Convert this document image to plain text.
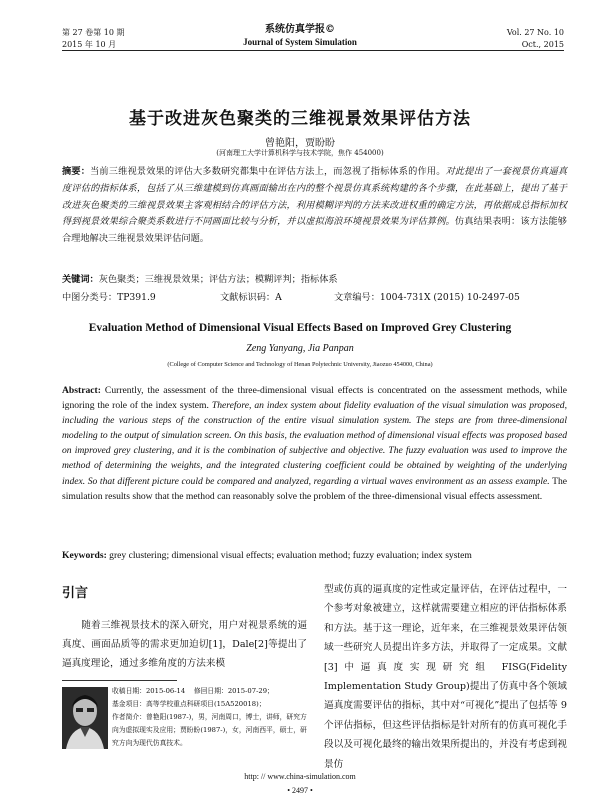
第 27 卷第 10 期
2015 年 10 月
系统仿真学报©
Journal of System Simulation
Vol. 27 No. 10
Oct., 2015
基于改进灰色聚类的三维视景效果评估方法
曾艳阳，贾盼盼
(河南理工大学计算机科学与技术学院，焦作 454000)
摘要：当前三维视景效果的评估大多数研究都集中在评估方法上，而忽视了指标体系的作用。对此提出了一套视景仿真逼真度评估的指标体系，包括了从三维建模到仿真画面输出在内的整个视景仿真系统构建的各个步骤，在此基础上，提出了基于改进灰色聚类的三维视景效果主客观相结合的评估方法，利用模糊评判的方法来改进权重的确定方法，再依据成总指标加权得到视景效果综合聚类系数进行不同画面比较与分析，并以虚拟海浪环境视景效果为评估算例。仿真结果表明：该方法能够合理地解决三维视景效果评估问题。
关键词：灰色聚类；三维视景效果；评估方法；模糊评判；指标体系
中图分类号：TP391.9	文献标识码：A	文章编号：1004-731X (2015) 10-2497-05
Evaluation Method of Dimensional Visual Effects Based on Improved Grey Clustering
Zeng Yanyang, Jia Panpan
(College of Computer Science and Technology of Henan Polytechnic University, Jiaozuo 454000, China)
Abstract: Currently, the assessment of the three-dimensional visual effects is concentrated on the assessment methods, while ignoring the role of the index system. Therefore, an index system about fidelity evaluation of the visual simulation was proposed, including the various steps of the construction of the entire visual simulation system. The steps are from three-dimensional modeling to the output of simulation screen. On this basis, the evaluation method of dimensional visual effects was proposed based on improved grey clustering, and it is the combination of subjective and objective. The fuzzy evaluation was used to improve the method of determining the weights, and the integrated clustering coefficient could be obtained by weighting of the underlying index. So that different picture could be compared and analyzed, regarding a virtual waves environment as an assess example. The simulation results show that the method can reasonably solve the problem of the three-dimensional visual effects assessment.
Keywords: grey clustering; dimensional visual effects; evaluation method; fuzzy evaluation; index system
引言
随着三维视景技术的深入研究，用户对视景系统的逼真度、画面品质等的需求更加迫切[1]，Dale[2]等提出了逼真度理论，通过多维角度的方法来模
型或仿真的逼真度的定性或定量评估，在评估过程中，一个参考对象被建立，这样就需要建立相应的评估指标体系和方法。基于这一理论，近年来，在三维视景效果评估领域一些研究人员提出许多方法，并取得了一定成果。文献[3]中逼真度实现研究组 FISG(Fidelity Implementation Study Group)提出了仿真中各个领域逼真度需要评估的指标，其中对“可视化”提出了包括等 9 个评估指标，但这些评估指标是针对所有的仿真可视化手段以及可视化最终的输出效果所提出的，并没有考虑到视景仿
收稿日期：2015-06-14 修回日期：2015-07-29；
基金项目：高等学校重点科研项目(15A520018)；
作者简介：曾艳阳(1987-)，男，河南周口，博士，讲师，研究方向为虚拟现实及应用；贾盼盼(1987-)，女，河南西平，硕士，研究方向为现代仿真技术。
http: // www.china-simulation.com
• 2497 •
